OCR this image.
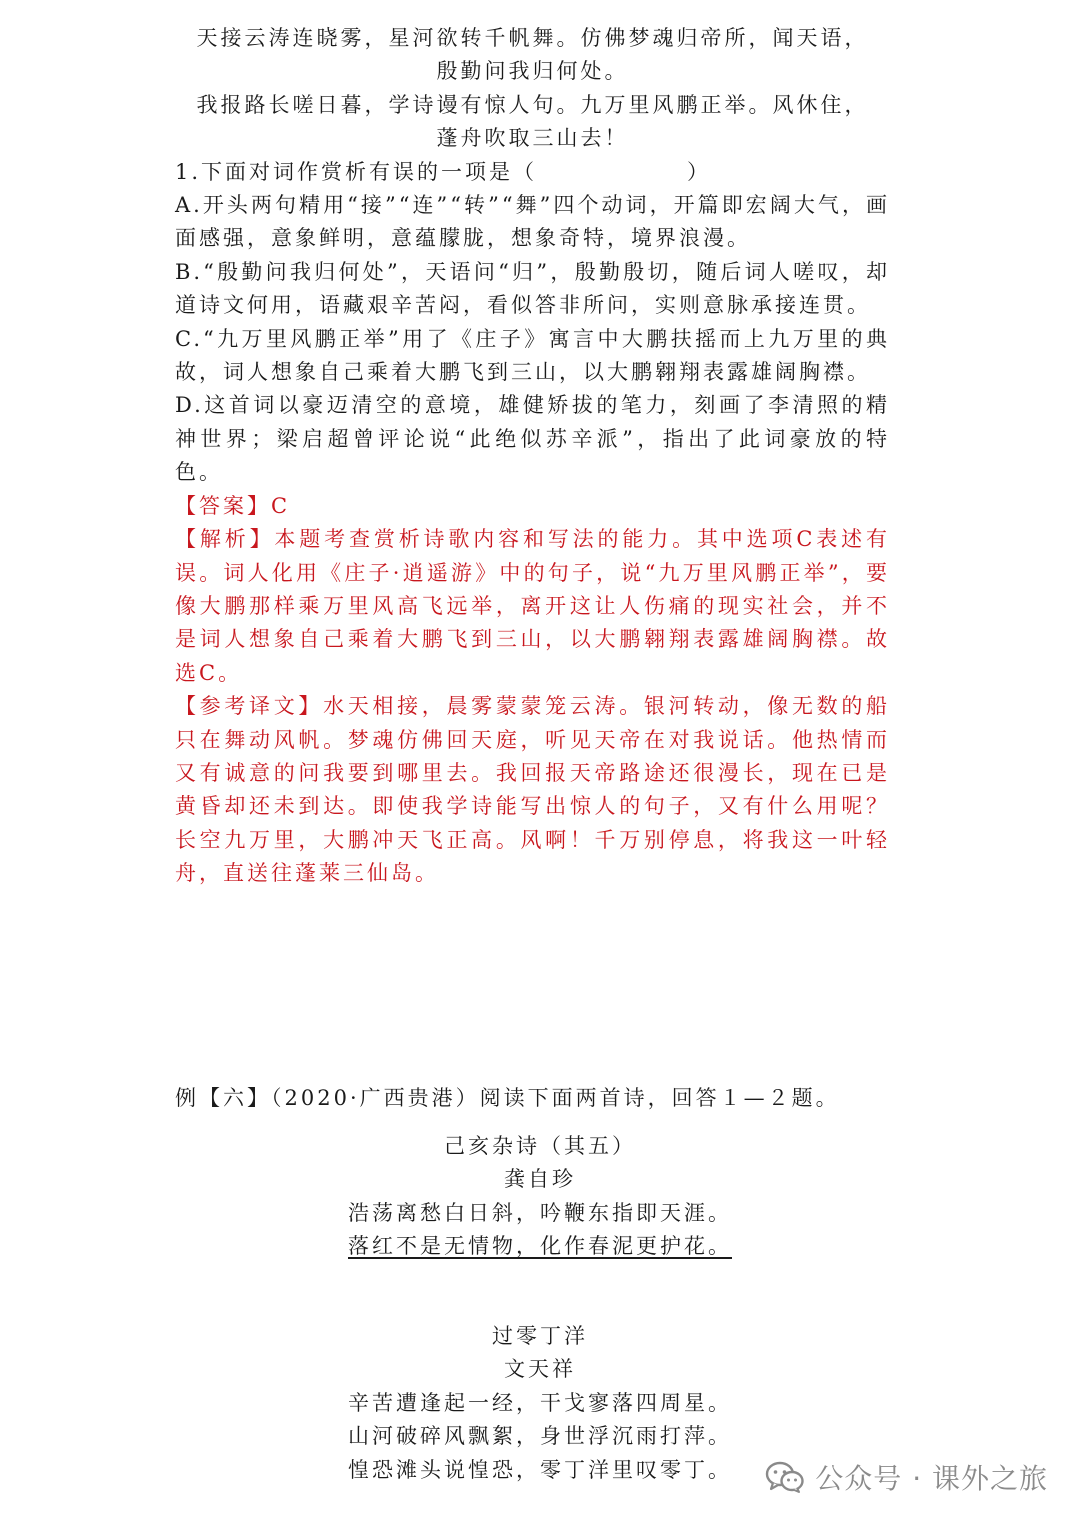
天接云涛连晓雾，星河欲转千帆舞。仿佛梦魂归帝所，闻天语，
殷勤问我归何处。
我报路长嗟日暮，学诗谩有惊人句。九万里风鹏正举。风休住，
蓬舟吹取三山去！
1.下面对词作赏析有误的一项是（	）
A.开头两句精用“接”“连”“转”“舞”四个动词，开篇即宏阔大气，画面感强，意象鲜明，意蕴朦胧，想象奇特，境界浪漫。
B.“殷勤问我归何处”，天语问“归”，殷勤殷切，随后词人嗟叹，却道诗文何用，语藏艰辛苦闷，看似答非所问，实则意脉承接连贯。
C.“九万里风鹏正举”用了《庄子》寓言中大鹏扶摇而上九万里的典故，词人想象自己乘着大鹏飞到三山，以大鹏翱翔表露雄阔胸襟。
D.这首词以豪迈清空的意境，雄健矫拔的笔力，刻画了李清照的精神世界；梁启超曾评论说“此绝似苏辛派”，指出了此词豪放的特色。
【答案】C
【解析】本题考查赏析诗歌内容和写法的能力。其中选项C表述有误。词人化用《庄子·逍遥游》中的句子，说“九万里风鹏正举”，要像大鹏那样乘万里风高飞远举，离开这让人伤痛的现实社会，并不是词人想象自己乘着大鹏飞到三山，以大鹏翱翔表露雄阔胸襟。故选C。
【参考译文】水天相接，晨雾蒙蒙笼云涛。银河转动，像无数的船只在舞动风帆。梦魂仿佛回天庭，听见天帝在对我说话。他热情而又有诚意的问我要到哪里去。我回报天帝路途还很漫长，现在已是黄昏却还未到达。即使我学诗能写出惊人的句子，又有什么用呢？长空九万里，大鹏冲天飞正高。风啊！千万别停息，将我这一叶轻舟，直送往蓬莱三仙岛。
例【六】（2020·广西贵港）阅读下面两首诗，回答１—２题。
己亥杂诗（其五）
龚自珍
浩荡离愁白日斜，吟鞭东指即天涯。
落红不是无情物，化作春泥更护花。
过零丁洋
文天祥
辛苦遭逢起一经，干戈寥落四周星。
山河破碎风飘絮，身世浮沉雨打萍。
惶恐滩头说惶恐，零丁洋里叹零丁。	公众号 · 课外之旅
